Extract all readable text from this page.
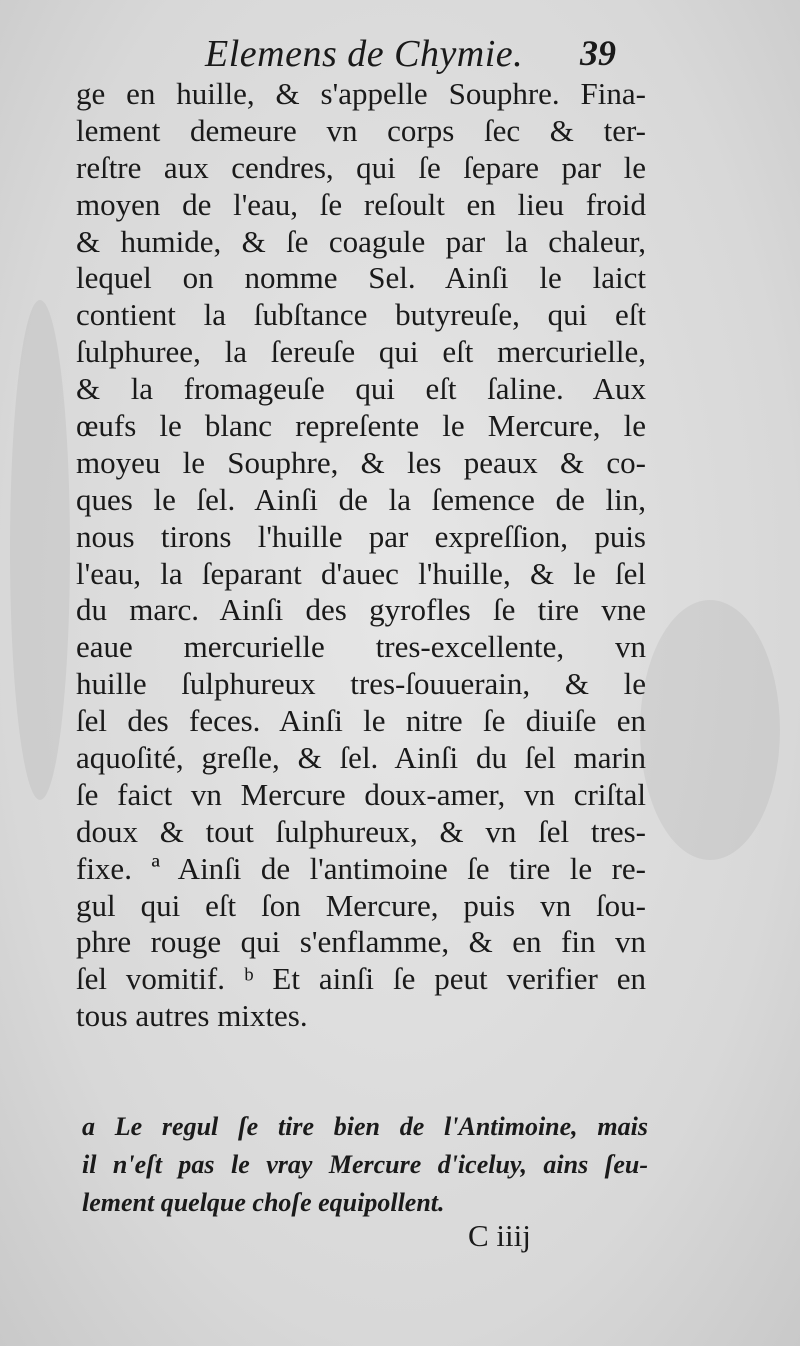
Elemens de Chymie. 39
ge en huille, & s'appelle Souphre. Fina-
lement demeure vn corps ſec & ter-
reſtre aux cendres, qui ſe ſepare par le
moyen de l'eau, ſe reſoult en lieu froid
& humide, & ſe coagule par la chaleur,
lequel on nomme Sel. Ainſi le laict
contient la ſubſtance butyreuſe, qui eſt
ſulphuree, la ſereuſe qui eſt mercurielle,
& la fromageuſe qui eſt ſaline. Aux
œufs le blanc repreſente le Mercure, le
moyeu le Souphre, & les peaux & co-
ques le ſel. Ainſi de la ſemence de lin,
nous tirons l'huille par expreſſion, puis
l'eau, la ſeparant d'auec l'huille, & le ſel
du marc. Ainſi des gyrofles ſe tire vne
eaue mercurielle tres-excellente, vn
huille ſulphureux tres-ſouuerain, & le
ſel des feces. Ainſi le nitre ſe diuiſe en
aquoſité, greſle, & ſel. Ainſi du ſel marin
ſe faict vn Mercure doux-amer, vn criſtal
doux & tout ſulphureux, & vn ſel tres-
fixe. ª Ainſi de l'antimoine ſe tire le re-
gul qui eſt ſon Mercure, puis vn ſou-
phre rouge qui s'enflamme, & en fin vn
ſel vomitif. ᵇ Et ainſi ſe peut verifier en
tous autres mixtes.
a Le regul ſe tire bien de l'Antimoine, mais
il n'eſt pas le vray Mercure d'iceluy, ains ſeu-
lement quelque choſe equipollent.
C iiij
